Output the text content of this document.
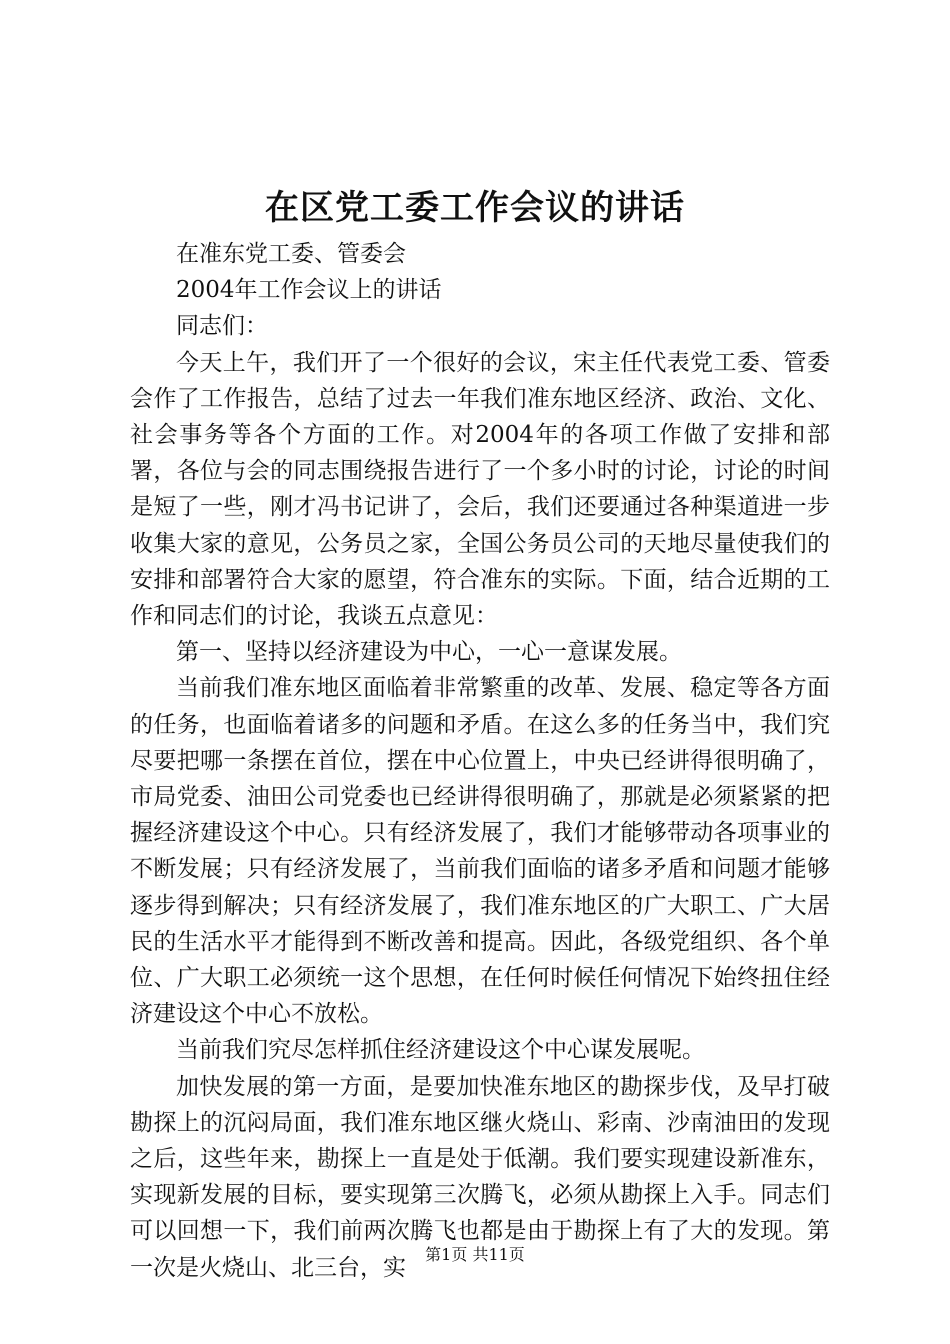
在区党工委工作会议的讲话

在准东党工委、管委会

2004年工作会议上的讲话

同志们：

今天上午，我们开了一个很好的会议，宋主任代表党工委、管委会作了工作报告，总结了过去一年我们准东地区经济、政治、文化、社会事务等各个方面的工作。对2004年的各项工作做了安排和部署，各位与会的同志围绕报告进行了一个多小时的讨论，讨论的时间是短了一些，刚才冯书记讲了，会后，我们还要通过各种渠道进一步收集大家的意见，公务员之家，全国公务员公司的天地尽量使我们的安排和部署符合大家的愿望，符合准东的实际。下面，结合近期的工作和同志们的讨论，我谈五点意见：

第一、坚持以经济建设为中心，一心一意谋发展。

当前我们准东地区面临着非常繁重的改革、发展、稳定等各方面的任务，也面临着诸多的问题和矛盾。在这么多的任务当中，我们究尽要把哪一条摆在首位，摆在中心位置上，中央已经讲得很明确了，市局党委、油田公司党委也已经讲得很明确了，那就是必须紧紧的把握经济建设这个中心。只有经济发展了，我们才能够带动各项事业的不断发展；只有经济发展了，当前我们面临的诸多矛盾和问题才能够逐步得到解决；只有经济发展了，我们准东地区的广大职工、广大居民的生活水平才能得到不断改善和提高。因此，各级党组织、各个单位、广大职工必须统一这个思想，在任何时候任何情况下始终扭住经济建设这个中心不放松。

当前我们究尽怎样抓住经济建设这个中心谋发展呢。

加快发展的第一方面，是要加快准东地区的勘探步伐，及早打破勘探上的沉闷局面，我们准东地区继火烧山、彩南、沙南油田的发现之后，这些年来，勘探上一直是处于低潮。我们要实现建设新准东，实现新发展的目标，要实现第三次腾飞，必须从勘探上入手。同志们可以回想一下，我们前两次腾飞也都是由于勘探上有了大的发现。第一次是火烧山、北三台，实

第1页 共11页
